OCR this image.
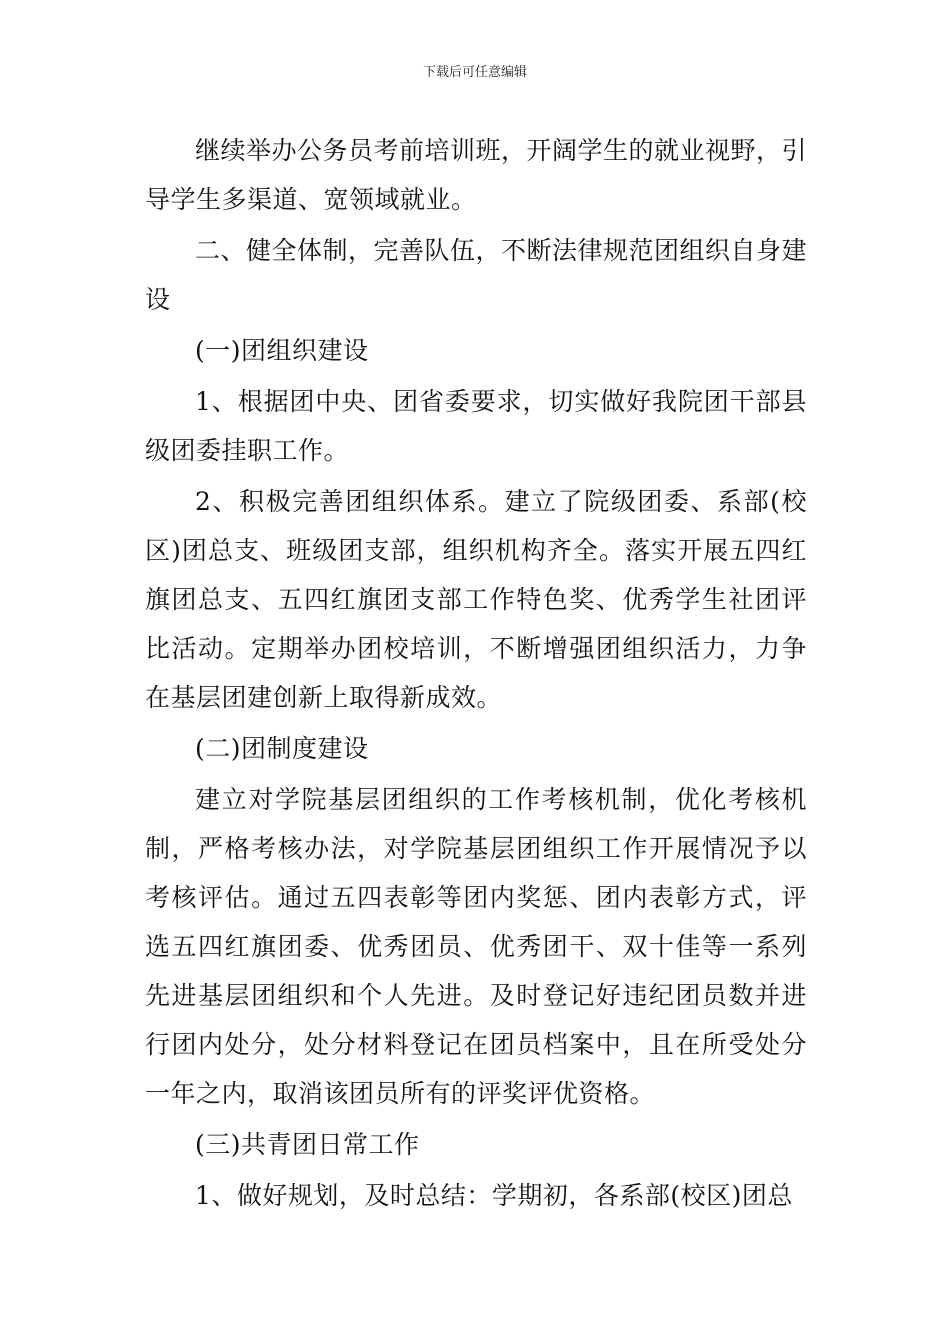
下载后可任意编辑

继续举办公务员考前培训班，开阔学生的就业视野，引导学生多渠道、宽领域就业。

二、健全体制，完善队伍，不断法律规范团组织自身建设

(一)团组织建设

1、根据团中央、团省委要求，切实做好我院团干部县级团委挂职工作。

2、积极完善团组织体系。建立了院级团委、系部(校区)团总支、班级团支部，组织机构齐全。落实开展五四红旗团总支、五四红旗团支部工作特色奖、优秀学生社团评比活动。定期举办团校培训，不断增强团组织活力，力争在基层团建创新上取得新成效。

(二)团制度建设

建立对学院基层团组织的工作考核机制，优化考核机制，严格考核办法，对学院基层团组织工作开展情况予以考核评估。通过五四表彰等团内奖惩、团内表彰方式，评选五四红旗团委、优秀团员、优秀团干、双十佳等一系列先进基层团组织和个人先进。及时登记好违纪团员数并进行团内处分，处分材料登记在团员档案中，且在所受处分一年之内，取消该团员所有的评奖评优资格。

(三)共青团日常工作

1、做好规划，及时总结：学期初，各系部(校区)团总
